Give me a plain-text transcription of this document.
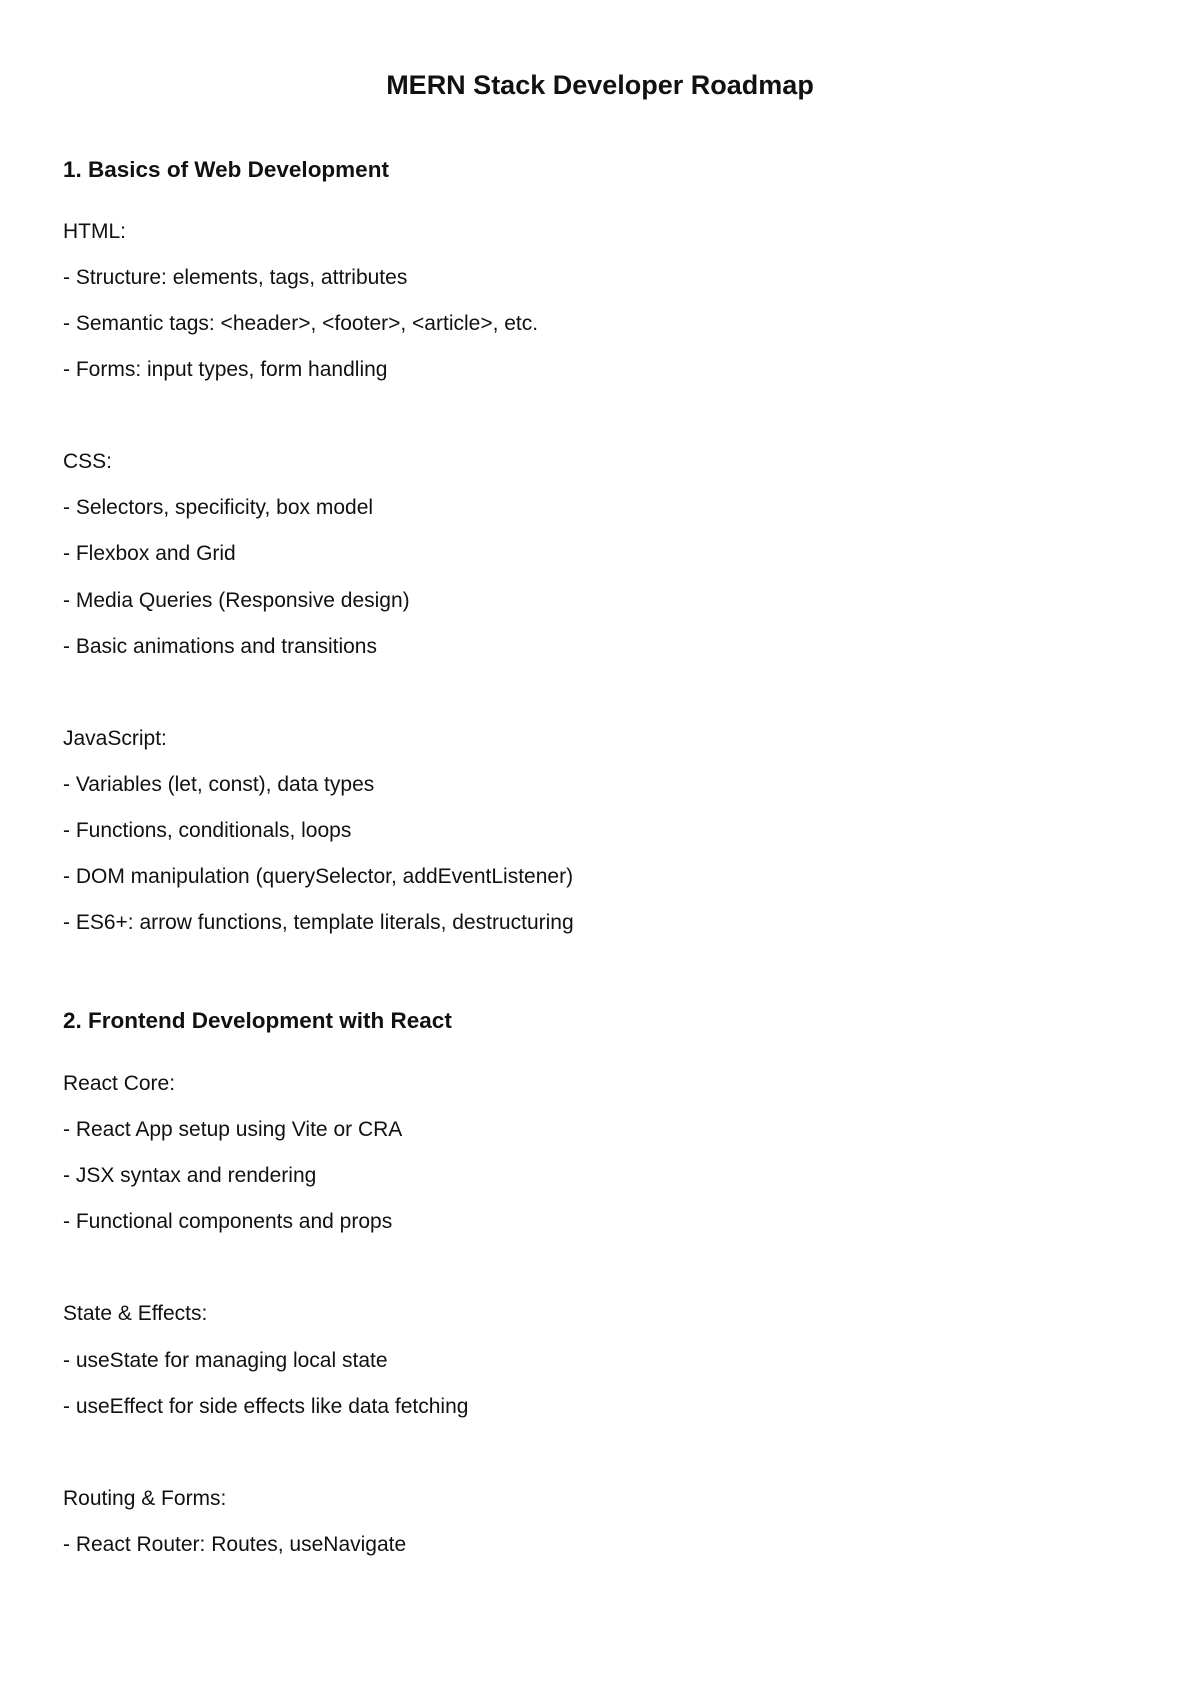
MERN Stack Developer Roadmap

1. Basics of Web Development

HTML:

- Structure: elements, tags, attributes

- Semantic tags: <header>, <footer>, <article>, etc.

- Forms: input types, form handling

CSS:

- Selectors, specificity, box model

- Flexbox and Grid

- Media Queries (Responsive design)

- Basic animations and transitions

JavaScript:

- Variables (let, const), data types

- Functions, conditionals, loops

- DOM manipulation (querySelector, addEventListener)

- ES6+: arrow functions, template literals, destructuring

2. Frontend Development with React

React Core:

- React App setup using Vite or CRA

- JSX syntax and rendering

- Functional components and props

State & Effects:

- useState for managing local state

- useEffect for side effects like data fetching

Routing & Forms:

- React Router: Routes, useNavigate
